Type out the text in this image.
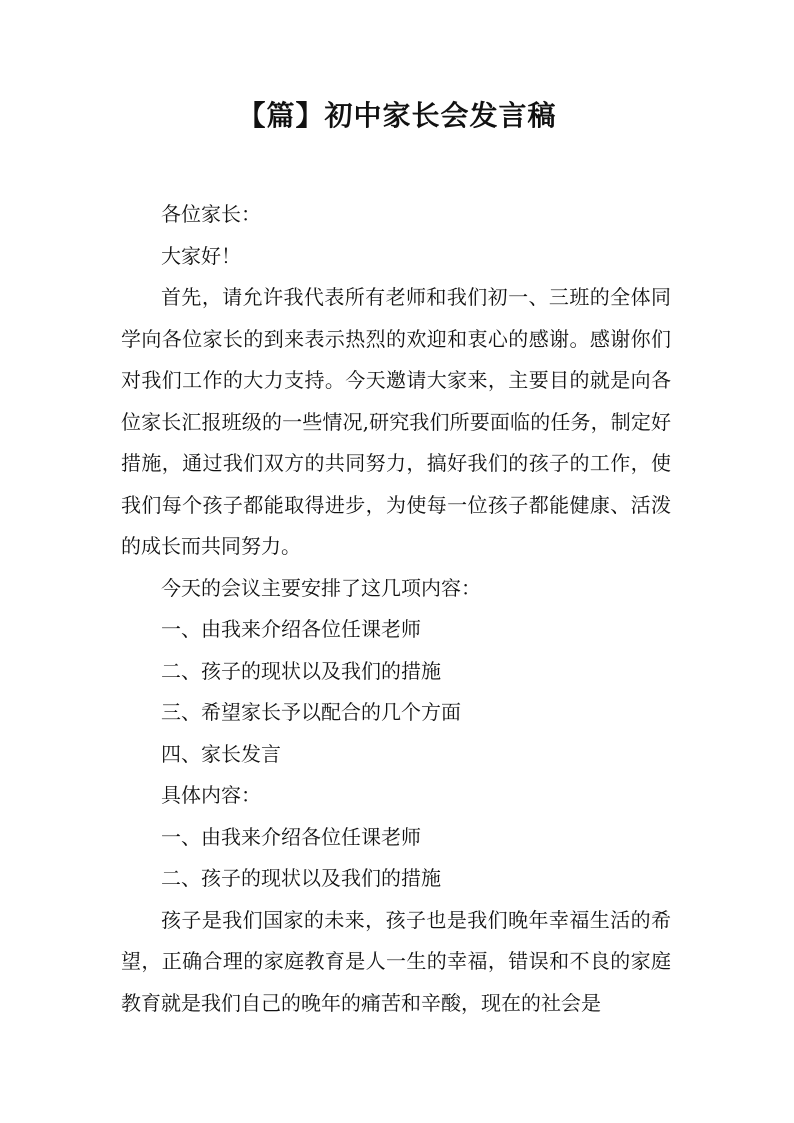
【篇】初中家长会发言稿

各位家长：

大家好！

首先，请允许我代表所有老师和我们初一、三班的全体同学向各位家长的到来表示热烈的欢迎和衷心的感谢。感谢你们对我们工作的大力支持。今天邀请大家来，主要目的就是向各位家长汇报班级的一些情况,研究我们所要面临的任务，制定好措施，通过我们双方的共同努力，搞好我们的孩子的工作，使我们每个孩子都能取得进步，为使每一位孩子都能健康、活泼的成长而共同努力。

今天的会议主要安排了这几项内容：

一、由我来介绍各位任课老师

二、孩子的现状以及我们的措施

三、希望家长予以配合的几个方面

四、家长发言

具体内容：

一、由我来介绍各位任课老师

二、孩子的现状以及我们的措施

孩子是我们国家的未来，孩子也是我们晚年幸福生活的希望，正确合理的家庭教育是人一生的幸福，错误和不良的家庭教育就是我们自己的晚年的痛苦和辛酸，现在的社会是
